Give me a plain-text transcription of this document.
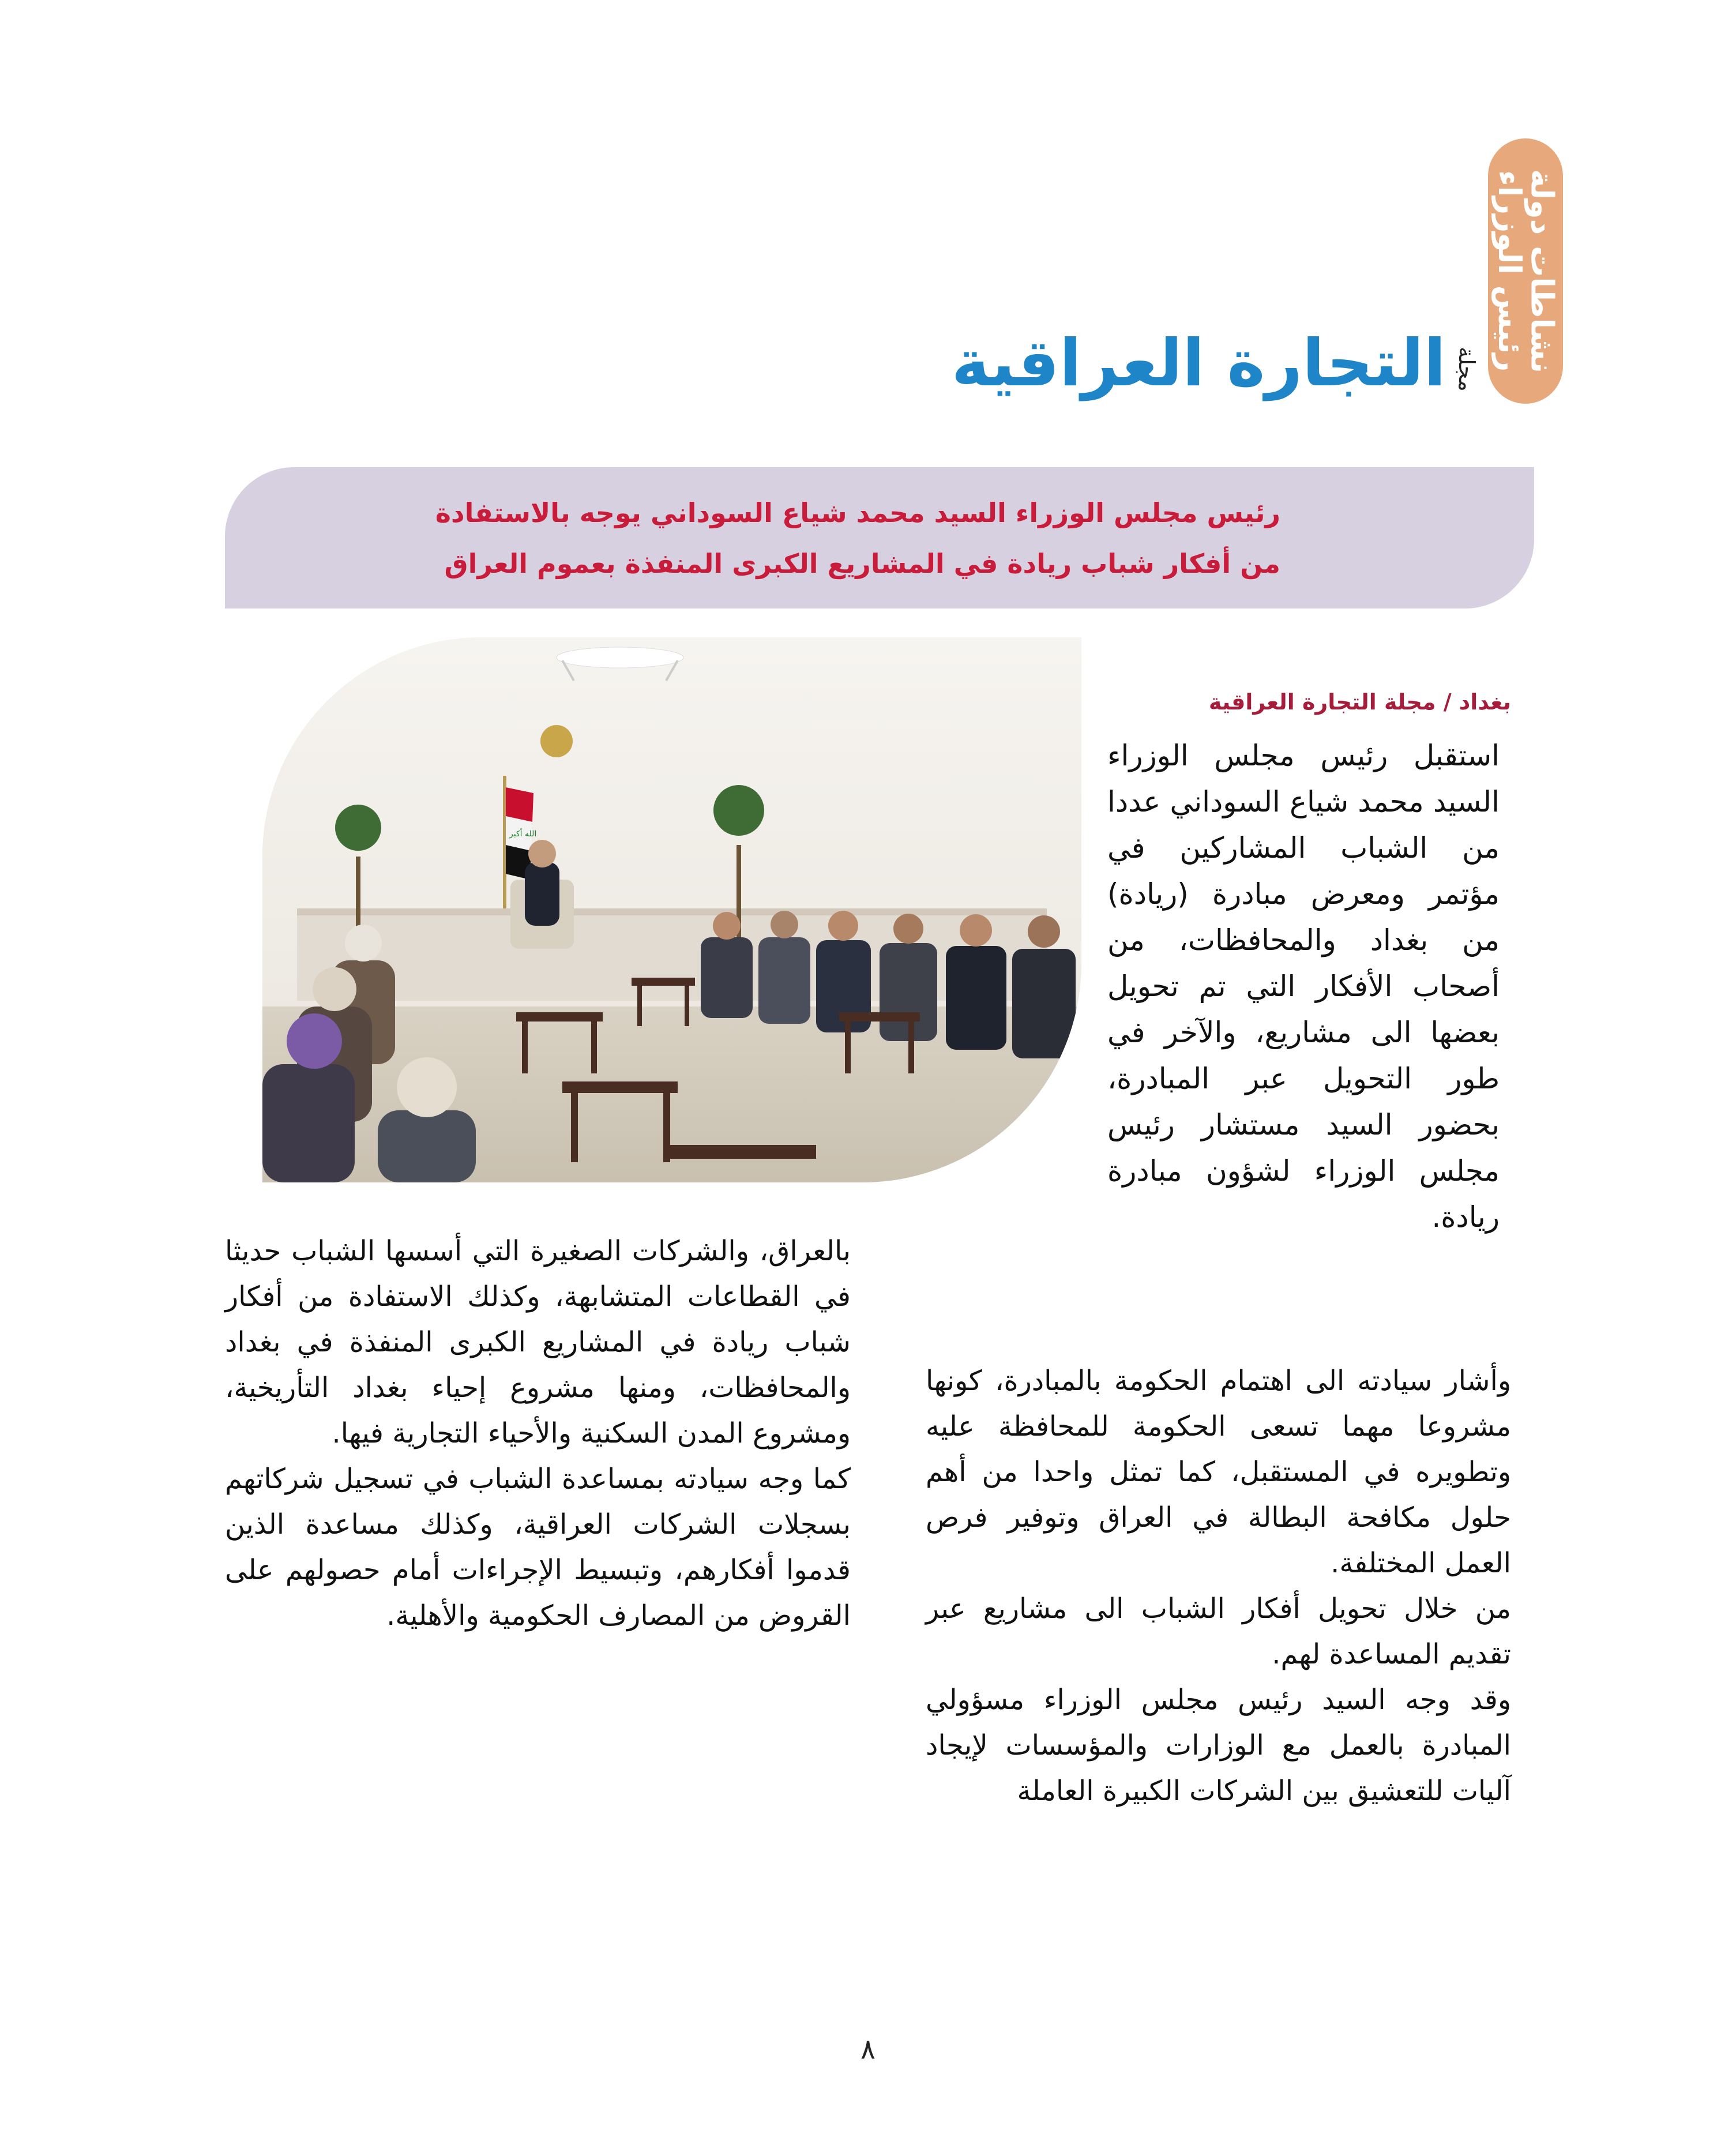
نشاطات دولة رئيس الوزراء
مجلة
التجارة العراقية
رئيس مجلس الوزراء السيد محمد شياع السوداني يوجه بالاستفادة
من أفكار شباب ريادة في المشاريع الكبرى المنفذة بعموم العراق
الله أكبر
بغداد / مجلة التجارة العراقية

استقبل رئيس مجلس الوزراء السيد محمد شياع السوداني عددا من الشباب المشاركين في مؤتمر ومعرض مبادرة (ريادة) من بغداد والمحافظات، من أصحاب الأفكار التي تم تحويل بعضها الى مشاريع، والآخر في طور التحويل عبر المبادرة، بحضور السيد مستشار رئيس مجلس الوزراء لشؤون مبادرة ريادة.

وأشار سيادته الى اهتمام الحكومة بالمبادرة، كونها مشروعا مهما تسعى الحكومة للمحافظة عليه وتطويره في المستقبل، كما تمثل واحدا من أهم حلول مكافحة البطالة في العراق وتوفير فرص العمل المختلفة.

من خلال تحويل أفكار الشباب الى مشاريع عبر تقديم المساعدة لهم.

وقد وجه السيد رئيس مجلس الوزراء مسؤولي المبادرة بالعمل مع الوزارات والمؤسسات لإيجاد آليات للتعشيق بين الشركات الكبيرة العاملة

بالعراق، والشركات الصغيرة التي أسسها الشباب حديثا في القطاعات المتشابهة، وكذلك الاستفادة من أفكار شباب ريادة في المشاريع الكبرى المنفذة في بغداد والمحافظات، ومنها مشروع إحياء بغداد التأريخية، ومشروع المدن السكنية والأحياء التجارية فيها.

كما وجه سيادته بمساعدة الشباب في تسجيل شركاتهم بسجلات الشركات العراقية، وكذلك مساعدة الذين قدموا أفكارهم، وتبسيط الإجراءات أمام حصولهم على القروض من المصارف الحكومية والأهلية.

٨
